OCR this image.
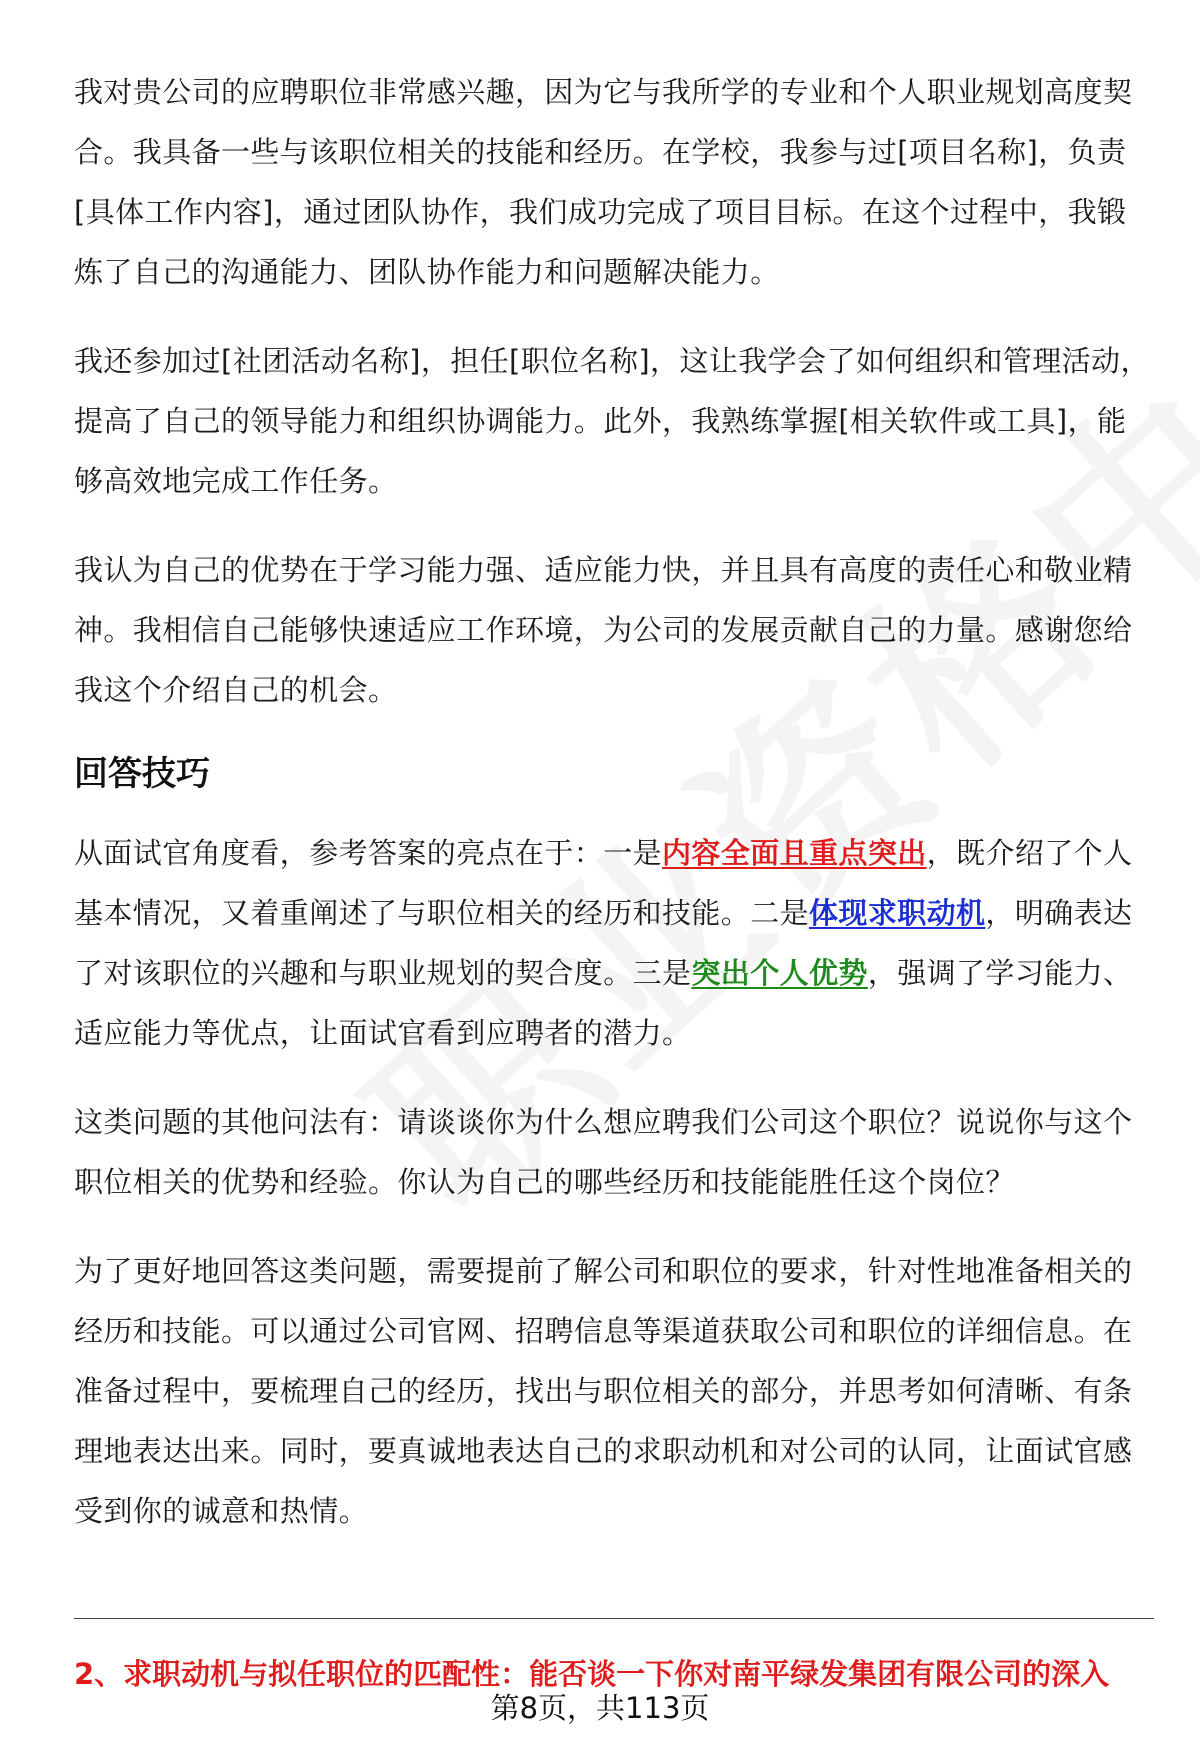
我对贵公司的应聘职位非常感兴趣，因为它与我所学的专业和个人职业规划高度契合。我具备一些与该职位相关的技能和经历。在学校，我参与过[项目名称]，负责[具体工作内容]，通过团队协作，我们成功完成了项目目标。在这个过程中，我锻炼了自己的沟通能力、团队协作能力和问题解决能力。

我还参加过[社团活动名称]，担任[职位名称]，这让我学会了如何组织和管理活动，提高了自己的领导能力和组织协调能力。此外，我熟练掌握[相关软件或工具]，能够高效地完成工作任务。

我认为自己的优势在于学习能力强、适应能力快，并且具有高度的责任心和敬业精神。我相信自己能够快速适应工作环境，为公司的发展贡献自己的力量。感谢您给我这个介绍自己的机会。

回答技巧

从面试官角度看，参考答案的亮点在于：一是内容全面且重点突出，既介绍了个人基本情况，又着重阐述了与职位相关的经历和技能。二是体现求职动机，明确表达了对该职位的兴趣和与职业规划的契合度。三是突出个人优势，强调了学习能力、适应能力等优点，让面试官看到应聘者的潜力。

这类问题的其他问法有：请谈谈你为什么想应聘我们公司这个职位？说说你与这个职位相关的优势和经验。你认为自己的哪些经历和技能能胜任这个岗位？

为了更好地回答这类问题，需要提前了解公司和职位的要求，针对性地准备相关的经历和技能。可以通过公司官网、招聘信息等渠道获取公司和职位的详细信息。在准备过程中，要梳理自己的经历，找出与职位相关的部分，并思考如何清晰、有条理地表达出来。同时，要真诚地表达自己的求职动机和对公司的认同，让面试官感受到你的诚意和热情。

2、求职动机与拟任职位的匹配性：能否谈一下你对南平绿发集团有限公司的深入
第8页，共113页
